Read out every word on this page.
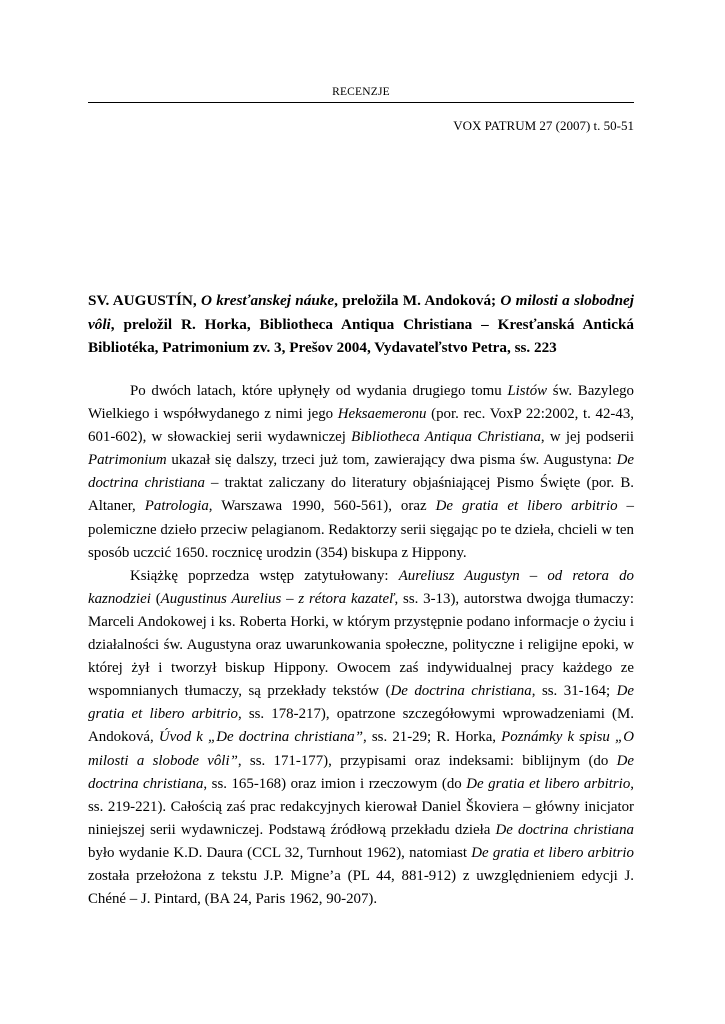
RECENZJE
VOX PATRUM 27 (2007) t. 50-51
SV. AUGUSTÍN, O kresťanskej náuke, preložila M. Andoková; O milosti a slobodnej vôli, preložil R. Horka, Bibliotheca Antiqua Christiana – Kresťanská Antická Bibliotéka, Patrimonium zv. 3, Prešov 2004, Vydavateľstvo Petra, ss. 223

Po dwóch latach, które upłynęły od wydania drugiego tomu Listów św. Bazylego Wielkiego i współwydanego z nimi jego Heksaemeronu (por. rec. VoxP 22:2002, t. 42-43, 601-602), w słowackiej serii wydawniczej Bibliotheca Antiqua Christiana, w jej podserii Patrimonium ukazał się dalszy, trzeci już tom, zawierający dwa pisma św. Augustyna: De doctrina christiana – traktat zaliczany do literatury objaśniającej Pismo Święte (por. B. Altaner, Patrologia, Warszawa 1990, 560-561), oraz De gratia et libero arbitrio – polemiczne dzieło przeciw pelagianom. Redaktorzy serii sięgając po te dzieła, chcieli w ten sposób uczcić 1650. rocznicę urodzin (354) biskupa z Hippony.

Książkę poprzedza wstęp zatytułowany: Aureliusz Augustyn – od retora do kaznodziei (Augustinus Aurelius – z rétora kazateľ, ss. 3-13), autorstwa dwojga tłumaczy: Marceli Andokowej i ks. Roberta Horki, w którym przystępnie podano informacje o życiu i działalności św. Augustyna oraz uwarunkowania społeczne, polityczne i religijne epoki, w której żył i tworzył biskup Hippony. Owocem zaś indywidualnej pracy każdego ze wspomnianych tłumaczy, są przekłady tekstów (De doctrina christiana, ss. 31-164; De gratia et libero arbitrio, ss. 178-217), opatrzone szczegółowymi wprowadzeniami (M. Andoková, Úvod k „De doctrina christiana”, ss. 21-29; R. Horka, Poznámky k spisu „O milosti a slobode vôli”, ss. 171-177), przypisami oraz indeksami: biblijnym (do De doctrina christiana, ss. 165-168) oraz imion i rzeczowym (do De gratia et libero arbitrio, ss. 219-221). Całością zaś prac redakcyjnych kierował Daniel Škoviera – główny inicjator niniejszej serii wydawniczej. Podstawą źródłową przekładu dzieła De doctrina christiana było wydanie K.D. Daura (CCL 32, Turnhout 1962), natomiast De gratia et libero arbitrio została przełożona z tekstu J.P. Migne’a (PL 44, 881-912) z uwzględnieniem edycji J. Chéné – J. Pintard, (BA 24, Paris 1962, 90-207).
